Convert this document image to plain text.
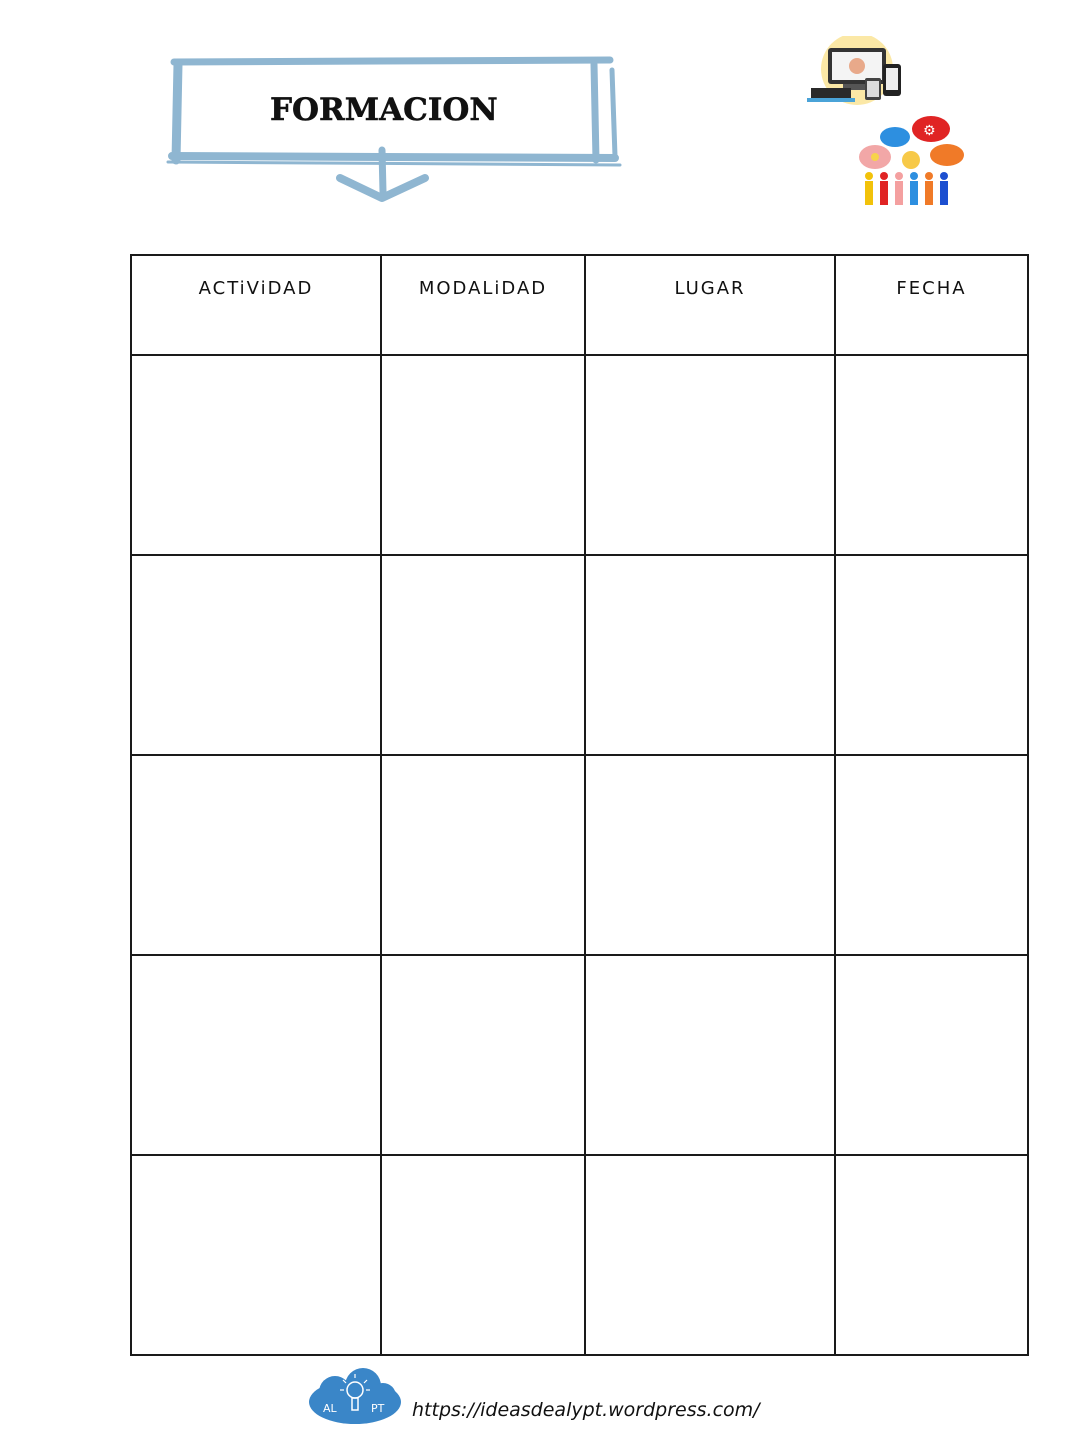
FORMACION
⚙
ACTiViDAD	MODALiDAD	LUGAR	FECHA

AL	PT https://ideasdealypt.wordpress.com/
